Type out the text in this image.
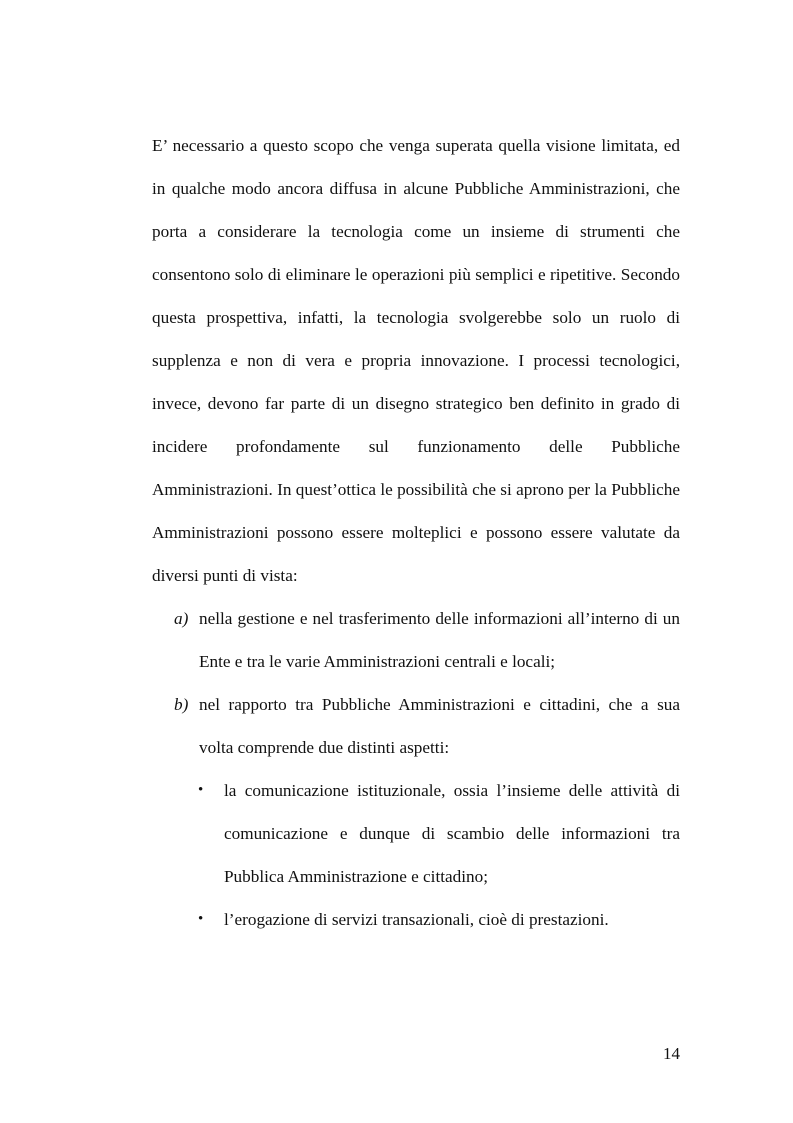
E’ necessario a questo scopo che venga superata quella visione limitata, ed in qualche modo ancora diffusa in alcune Pubbliche Amministrazioni, che porta a considerare la tecnologia come un insieme di strumenti che consentono solo di eliminare le operazioni più semplici e ripetitive. Secondo questa prospettiva, infatti, la tecnologia svolgerebbe solo un ruolo di supplenza e non di vera e propria innovazione. I processi tecnologici, invece, devono far parte di un disegno strategico ben definito in grado di incidere profondamente sul funzionamento delle Pubbliche Amministrazioni. In quest’ottica le possibilità che si aprono per la Pubbliche Amministrazioni possono essere molteplici e possono essere valutate da diversi punti di vista:

a) nella gestione e nel trasferimento delle informazioni all’interno di un Ente e tra le varie Amministrazioni centrali e locali;
b) nel rapporto tra Pubbliche Amministrazioni e cittadini, che a sua volta comprende due distinti aspetti:
• la comunicazione istituzionale, ossia l’insieme delle attività di comunicazione e dunque di scambio delle informazioni tra Pubblica Amministrazione e cittadino;
• l’erogazione di servizi transazionali, cioè di prestazioni.
14
